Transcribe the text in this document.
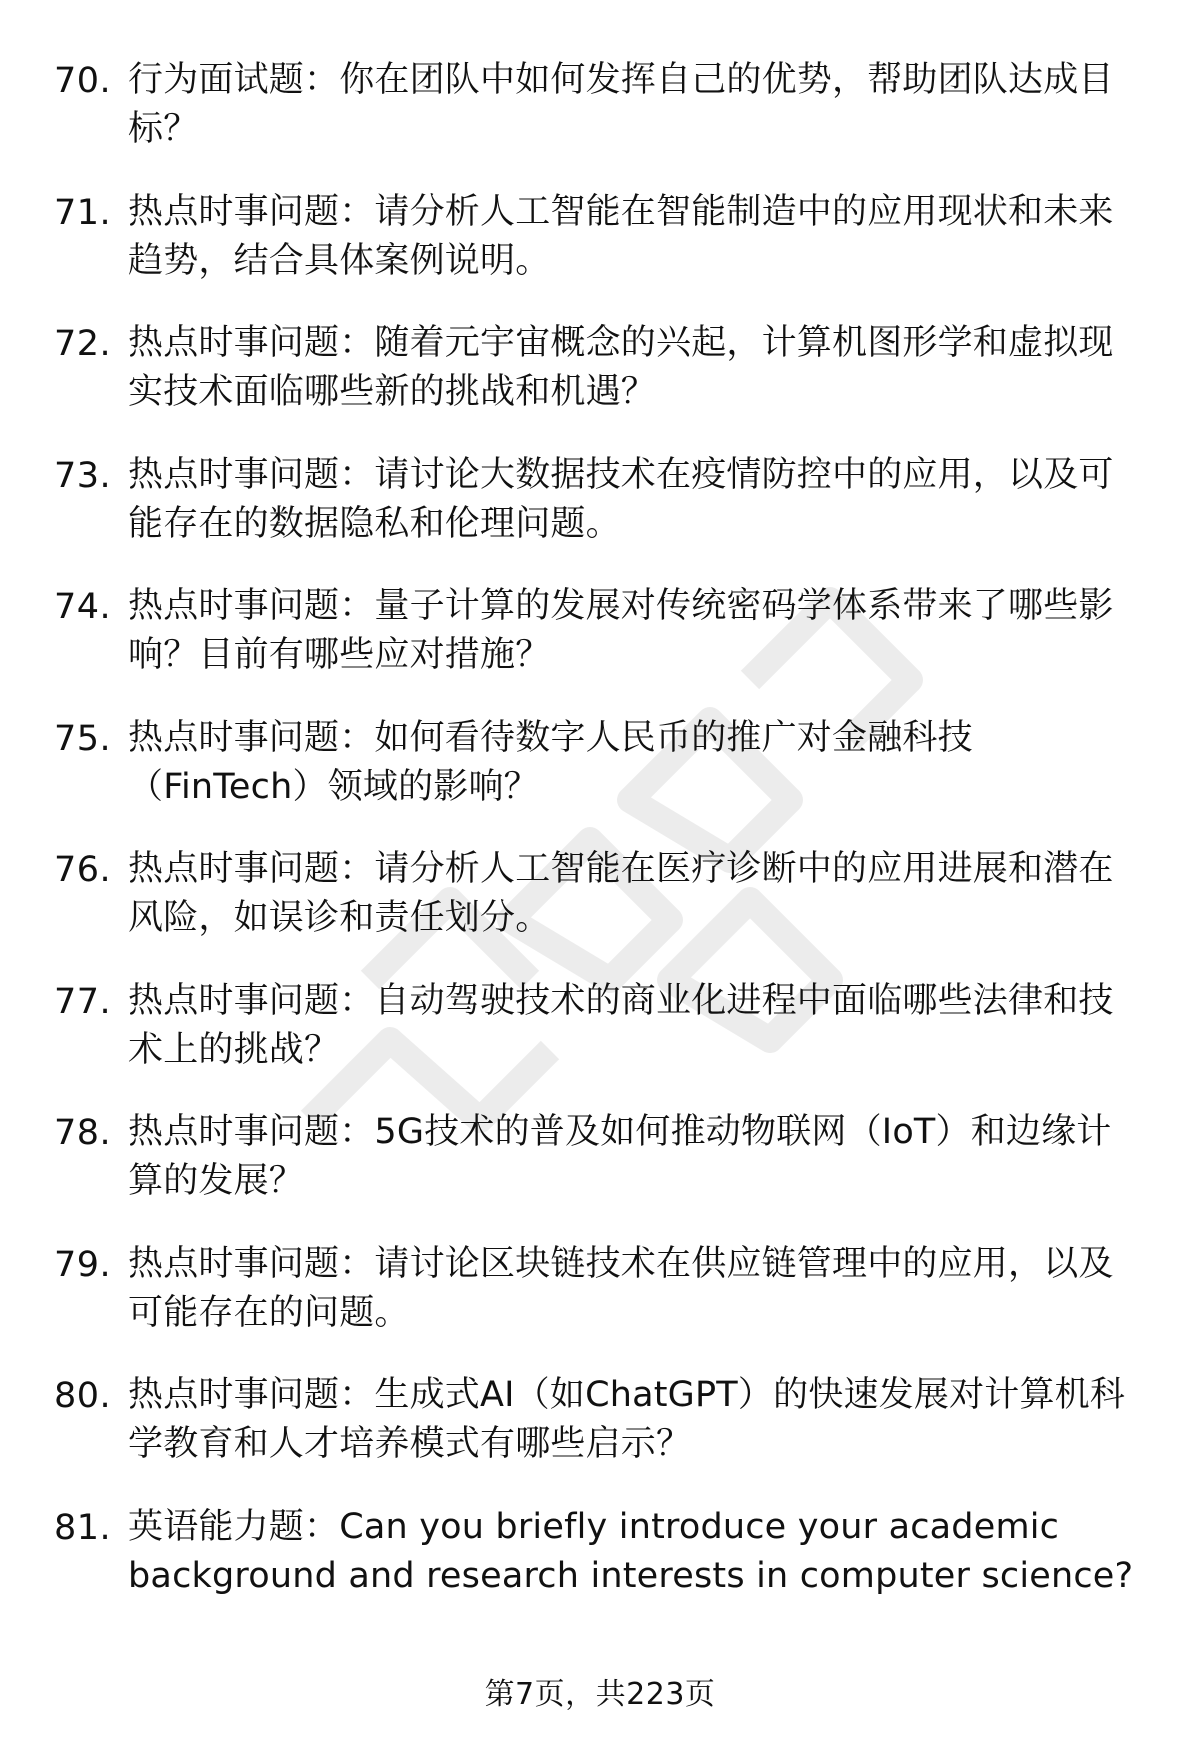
70. 行为面试题：你在团队中如何发挥自己的优势，帮助团队达成目
标？
71. 热点时事问题：请分析人工智能在智能制造中的应用现状和未来
趋势，结合具体案例说明。
72. 热点时事问题：随着元宇宙概念的兴起，计算机图形学和虚拟现
实技术面临哪些新的挑战和机遇？
73. 热点时事问题：请讨论大数据技术在疫情防控中的应用，以及可
能存在的数据隐私和伦理问题。
74. 热点时事问题：量子计算的发展对传统密码学体系带来了哪些影
响？目前有哪些应对措施？
75. 热点时事问题：如何看待数字人民币的推广对金融科技
（FinTech）领域的影响？
76. 热点时事问题：请分析人工智能在医疗诊断中的应用进展和潜在
风险，如误诊和责任划分。
77. 热点时事问题：自动驾驶技术的商业化进程中面临哪些法律和技
术上的挑战？
78. 热点时事问题：5G技术的普及如何推动物联网（IoT）和边缘计
算的发展？
79. 热点时事问题：请讨论区块链技术在供应链管理中的应用，以及
可能存在的问题。
80. 热点时事问题：生成式AI（如ChatGPT）的快速发展对计算机科
学教育和人才培养模式有哪些启示？
81. 英语能力题：Can you briefly introduce your academic
background and research interests in computer science?
第7页，共223页
